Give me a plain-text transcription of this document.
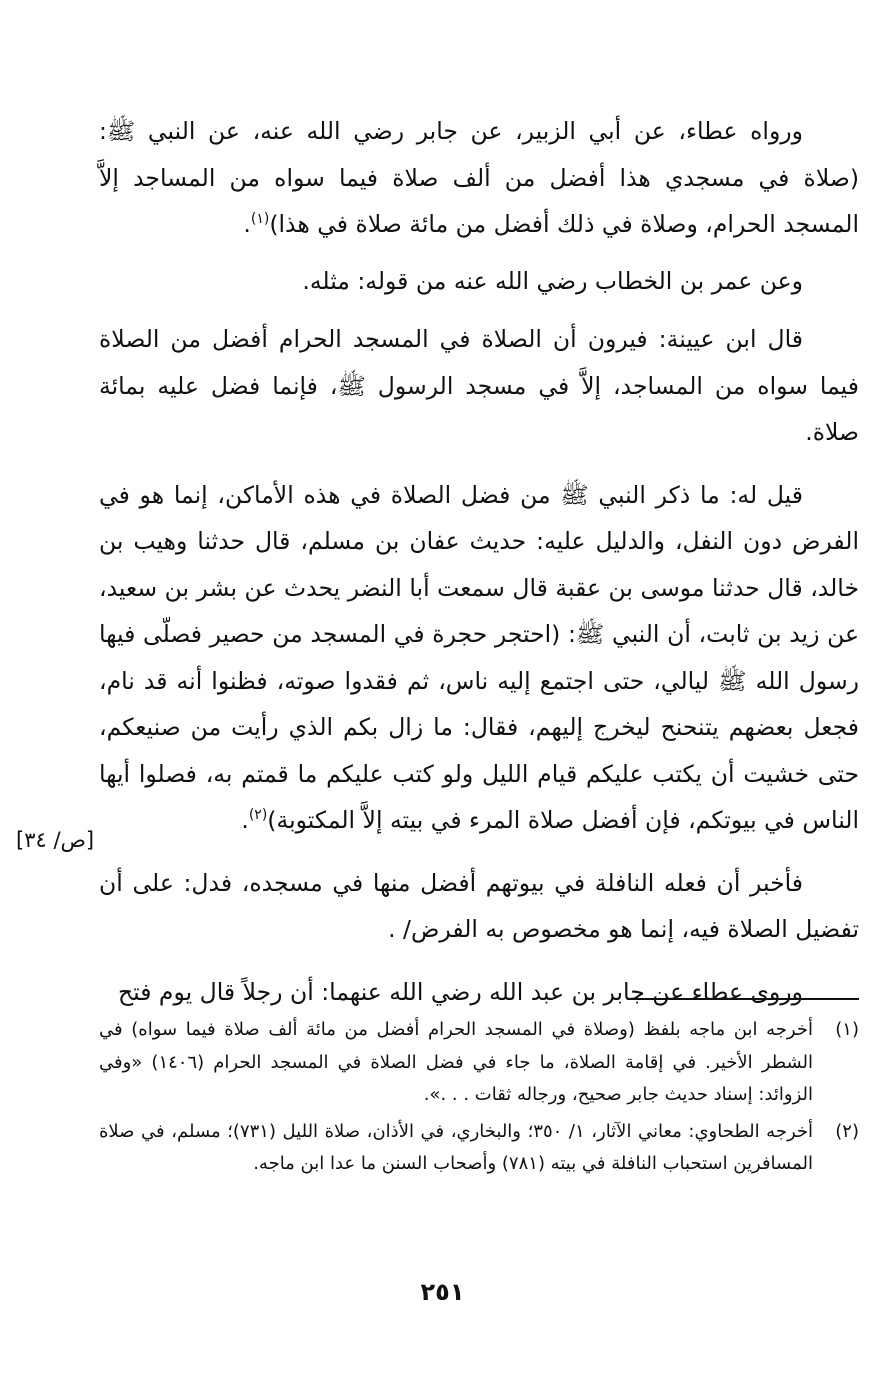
ورواه عطاء، عن أبي الزبير، عن جابر رضي الله عنه، عن النبي ﷺ: (صلاة في مسجدي هذا أفضل من ألف صلاة فيما سواه من المساجد إلاَّ المسجد الحرام، وصلاة في ذلك أفضل من مائة صلاة في هذا)$^{(١)}$.

وعن عمر بن الخطاب رضي الله عنه من قوله: مثله.

قال ابن عيينة: فيرون أن الصلاة في المسجد الحرام أفضل من الصلاة فيما سواه من المساجد، إلاَّ في مسجد الرسول ﷺ، فإنما فضل عليه بمائة صلاة.

قيل له: ما ذكر النبي ﷺ من فضل الصلاة في هذه الأماكن، إنما هو في الفرض دون النفل، والدليل عليه: حديث عفان بن مسلم، قال حدثنا وهيب بن خالد، قال حدثنا موسى بن عقبة قال سمعت أبا النضر يحدث عن بشر بن سعيد، عن زيد بن ثابت، أن النبي ﷺ: (احتجر حجرة في المسجد من حصير فصلّى فيها رسول الله ﷺ ليالي، حتى اجتمع إليه ناس، ثم فقدوا صوته، فظنوا أنه قد نام، فجعل بعضهم يتنحنح ليخرج إليهم، فقال: ما زال بكم الذي رأيت من صنيعكم، حتى خشيت أن يكتب عليكم قيام الليل ولو كتب عليكم ما قمتم به، فصلوا أيها الناس في بيوتكم، فإن أفضل صلاة المرء في بيته إلاَّ المكتوبة)$^{(٢)}$.

فأخبر أن فعله النافلة في بيوتهم أفضل منها في مسجده، فدل: على أن تفضيل الصلاة فيه، إنما هو مخصوص به الفرض/ .

وروى عطاء عن جابر بن عبد الله رضي الله عنهما: أن رجلاً قال يوم فتح

[ص/ ٣٤]
(١)
أخرجه ابن ماجه بلفظ (وصلاة في المسجد الحرام أفضل من مائة ألف صلاة فيما سواه) في الشطر الأخير. في إقامة الصلاة، ما جاء في فضل الصلاة في المسجد الحرام (١٤٠٦) «وفي الزوائد: إسناد حديث جابر صحيح، ورجاله ثقات . . .».
(٢)
أخرجه الطحاوي: معاني الآثار، ١/ ٣٥٠؛ والبخاري، في الأذان، صلاة الليل (٧٣١)؛ مسلم، في صلاة المسافرين استحباب النافلة في بيته (٧٨١) وأصحاب السنن ما عدا ابن ماجه.
٢٥١
